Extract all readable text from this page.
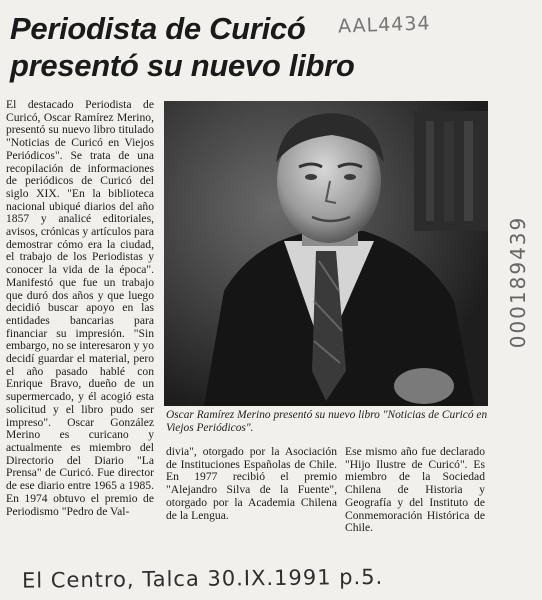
Periodista de Curicó
presentó su nuevo libro
AAL4434
000189439

El destacado Periodista de Curicó, Oscar Ramírez Merino, presentó su nuevo libro titulado "Noticias de Curicó en Viejos Periódicos". Se trata de una recopilación de informaciones de periódicos de Curicó del siglo XIX. "En la biblioteca nacional ubiqué diarios del año 1857 y analicé editoriales, avisos, crónicas y artículos para demostrar cómo era la ciudad, el trabajo de los Periodistas y conocer la vida de la época". Manifestó que fue un trabajo que duró dos años y que luego decidió buscar apoyo en las entidades bancarias para financiar su impresión. "Sin embargo, no se interesaron y yo decidí guardar el material, pero el año pasado hablé con Enrique Bravo, dueño de un supermercado, y él acogió esta solicitud y el libro pudo ser impreso". Oscar González Merino es curicano y actualmente es miembro del Directorio del Diario "La Prensa" de Curicó. Fue director de ese diario entre 1965 a 1985. En 1974 obtuvo el premio de Periodismo "Pedro de Val-

Oscar Ramírez Merino presentó su nuevo libro "Noticias de Curicó en Viejos Periódicos".

divia", otorgado por la Asociación de Instituciones Españolas de Chile. En 1977 recibió el premio "Alejandro Silva de la Fuente", otorgado por la Academia Chilena de la Lengua.

Ese mismo año fue declarado "Hijo Ilustre de Curicó". Es miembro de la Sociedad Chilena de Historia y Geografía y del Instituto de Conmemoración Histórica de Chile.

El Centro, Talca 30.IX.1991 p.5.
